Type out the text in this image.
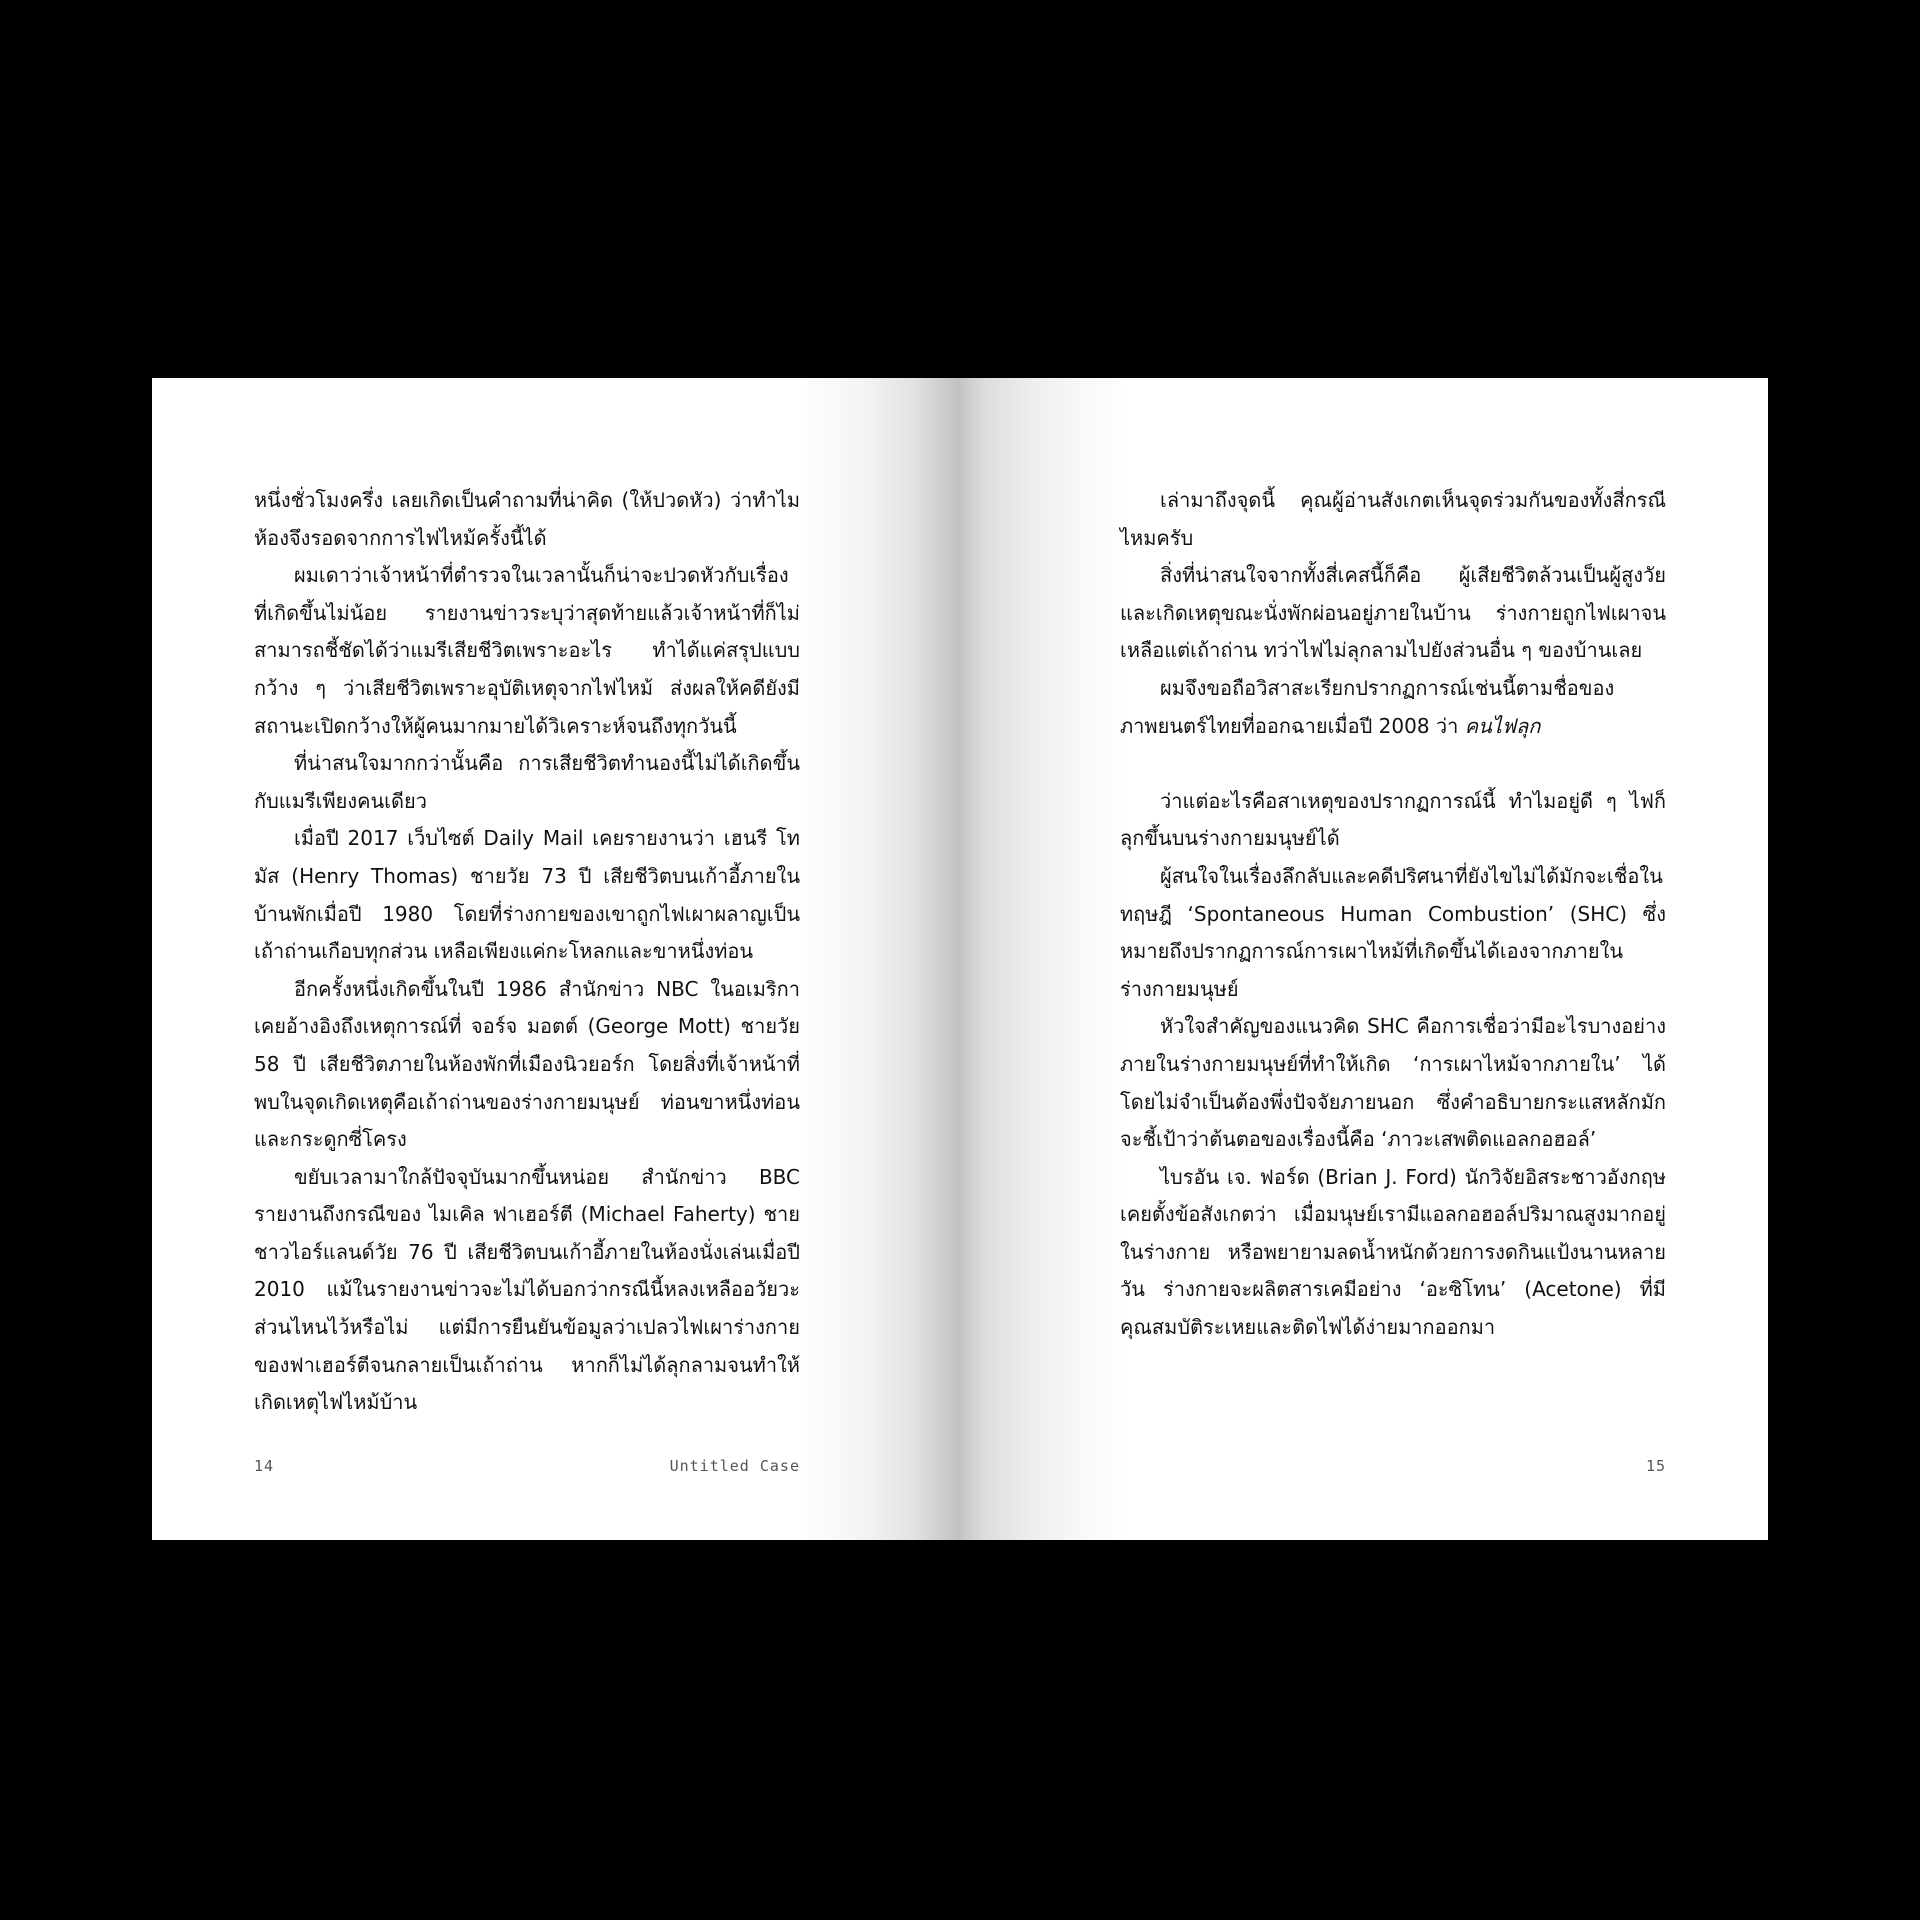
หนึ่งชั่วโมงครึ่ง เลยเกิดเป็นคำถามที่น่าคิด (ให้ปวดหัว) ว่าทำไมห้องจึงรอดจากการไฟไหม้ครั้งนี้ได้

ผมเดาว่าเจ้าหน้าที่ตำรวจในเวลานั้นก็น่าจะปวดหัวกับเรื่องที่เกิดขึ้นไม่น้อย รายงานข่าวระบุว่าสุดท้ายแล้วเจ้าหน้าที่ก็ไม่สามารถชี้ชัดได้ว่าแมรีเสียชีวิตเพราะอะไร ทำได้แค่สรุปแบบกว้าง ๆ ว่าเสียชีวิตเพราะอุบัติเหตุจากไฟไหม้ ส่งผลให้คดียังมีสถานะเปิดกว้างให้ผู้คนมากมายได้วิเคราะห์จนถึงทุกวันนี้

ที่น่าสนใจมากกว่านั้นคือ การเสียชีวิตทำนองนี้ไม่ได้เกิดขึ้นกับแมรีเพียงคนเดียว

เมื่อปี 2017 เว็บไซต์ Daily Mail เคยรายงานว่า เฮนรี โทมัส (Henry Thomas) ชายวัย 73 ปี เสียชีวิตบนเก้าอี้ภายในบ้านพักเมื่อปี 1980 โดยที่ร่างกายของเขาถูกไฟเผาผลาญเป็นเถ้าถ่านเกือบทุกส่วน เหลือเพียงแค่กะโหลกและขาหนึ่งท่อน

อีกครั้งหนึ่งเกิดขึ้นในปี 1986 สำนักข่าว NBC ในอเมริกาเคยอ้างอิงถึงเหตุการณ์ที่ จอร์จ มอตต์ (George Mott) ชายวัย 58 ปี เสียชีวิตภายในห้องพักที่เมืองนิวยอร์ก โดยสิ่งที่เจ้าหน้าที่พบในจุดเกิดเหตุคือเถ้าถ่านของร่างกายมนุษย์ ท่อนขาหนึ่งท่อน และกระดูกซี่โครง

ขยับเวลามาใกล้ปัจจุบันมากขึ้นหน่อย สำนักข่าว BBC รายงานถึงกรณีของ ไมเคิล ฟาเฮอร์ตี (Michael Faherty) ชายชาวไอร์แลนด์วัย 76 ปี เสียชีวิตบนเก้าอี้ภายในห้องนั่งเล่นเมื่อปี 2010 แม้ในรายงานข่าวจะไม่ได้บอกว่ากรณีนี้หลงเหลืออวัยวะส่วนไหนไว้หรือไม่ แต่มีการยืนยันข้อมูลว่าเปลวไฟเผาร่างกายของฟาเฮอร์ตีจนกลายเป็นเถ้าถ่าน หากก็ไม่ได้ลุกลามจนทำให้เกิดเหตุไฟไหม้บ้าน

14	Untitled Case

เล่ามาถึงจุดนี้ คุณผู้อ่านสังเกตเห็นจุดร่วมกันของทั้งสี่กรณีไหมครับ

สิ่งที่น่าสนใจจากทั้งสี่เคสนี้ก็คือ ผู้เสียชีวิตล้วนเป็นผู้สูงวัยและเกิดเหตุขณะนั่งพักผ่อนอยู่ภายในบ้าน ร่างกายถูกไฟเผาจนเหลือแต่เถ้าถ่าน ทว่าไฟไม่ลุกลามไปยังส่วนอื่น ๆ ของบ้านเลย

ผมจึงขอถือวิสาสะเรียกปรากฏการณ์เช่นนี้ตามชื่อของภาพยนตร์ไทยที่ออกฉายเมื่อปี 2008 ว่า คนไฟลุก

ว่าแต่อะไรคือสาเหตุของปรากฏการณ์นี้ ทำไมอยู่ดี ๆ ไฟก็ลุกขึ้นบนร่างกายมนุษย์ได้

ผู้สนใจในเรื่องลึกลับและคดีปริศนาที่ยังไขไม่ได้มักจะเชื่อในทฤษฎี ‘Spontaneous Human Combustion’ (SHC) ซึ่งหมายถึงปรากฏการณ์การเผาไหม้ที่เกิดขึ้นได้เองจากภายในร่างกายมนุษย์

หัวใจสำคัญของแนวคิด SHC คือการเชื่อว่ามีอะไรบางอย่างภายในร่างกายมนุษย์ที่ทำให้เกิด ‘การเผาไหม้จากภายใน’ ได้โดยไม่จำเป็นต้องพึ่งปัจจัยภายนอก ซึ่งคำอธิบายกระแสหลักมักจะชี้เป้าว่าต้นตอของเรื่องนี้คือ ‘ภาวะเสพติดแอลกอฮอล์’

ไบรอัน เจ. ฟอร์ด (Brian J. Ford) นักวิจัยอิสระชาวอังกฤษเคยตั้งข้อสังเกตว่า เมื่อมนุษย์เรามีแอลกอฮอล์ปริมาณสูงมากอยู่ในร่างกาย หรือพยายามลดน้ำหนักด้วยการงดกินแป้งนานหลายวัน ร่างกายจะผลิตสารเคมีอย่าง ‘อะซิโทน’ (Acetone) ที่มีคุณสมบัติระเหยและติดไฟได้ง่ายมากออกมา

15
